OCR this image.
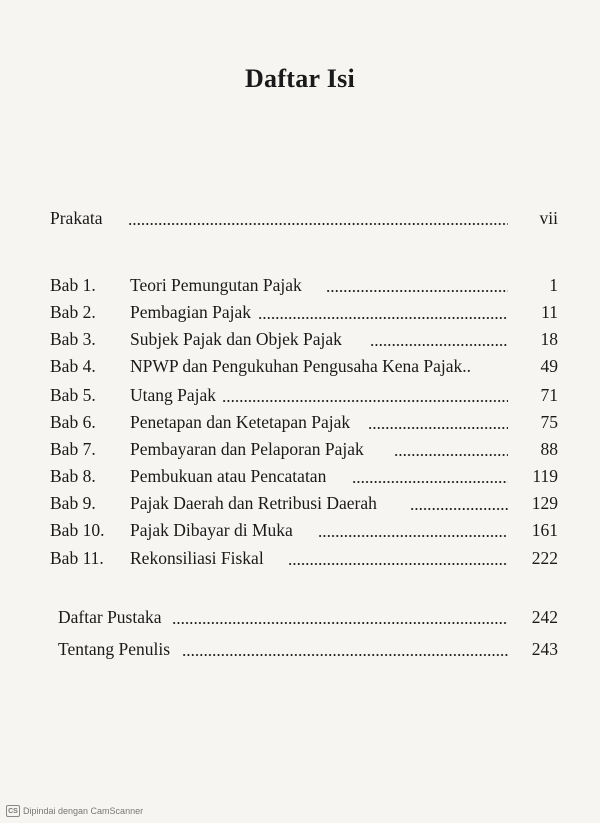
Daftar Isi
Prakata	vii
Bab 1. Teori Pemungutan Pajak	1
Bab 2. Pembagian Pajak	11
Bab 3. Subjek Pajak dan Objek Pajak	18
Bab 4. NPWP dan Pengukuhan Pengusaha Kena Pajak..	49
Bab 5. Utang Pajak	71
Bab 6. Penetapan dan Ketetapan Pajak	75
Bab 7. Pembayaran dan Pelaporan Pajak	88
Bab 8. Pembukuan atau Pencatatan	119
Bab 9. Pajak Daerah dan Retribusi Daerah	129
Bab 10. Pajak Dibayar di Muka	161
Bab 11. Rekonsiliasi Fiskal	222
Daftar Pustaka	242
Tentang Penulis	243
CS Dipindai dengan CamScanner
